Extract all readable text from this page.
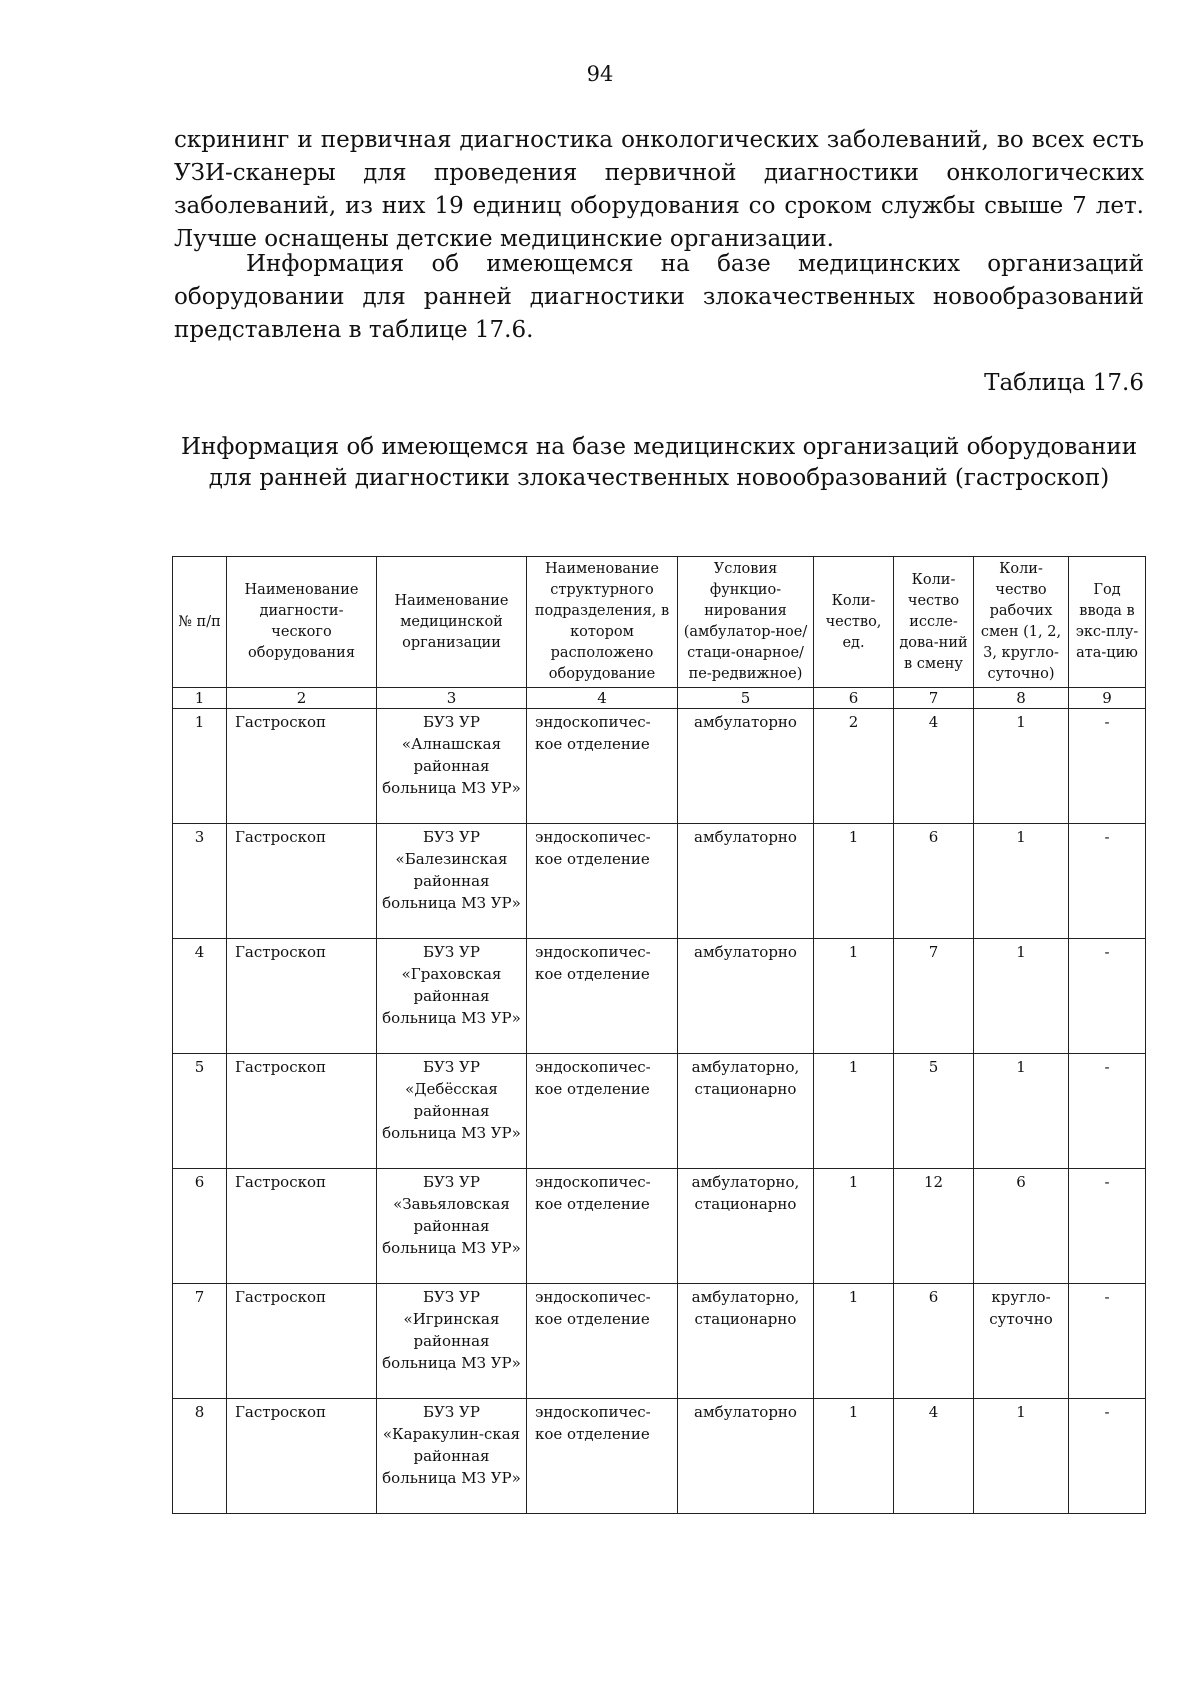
94

скрининг и первичная диагностика онкологических заболеваний, во всех есть УЗИ-сканеры для проведения первичной диагностики онкологических заболеваний, из них 19 единиц оборудования со сроком службы свыше 7 лет. Лучше оснащены детские медицинские организации.

Информация об имеющемся на базе медицинских организаций оборудовании для ранней диагностики злокачественных новообразований представлена в таблице 17.6.

Таблица 17.6
Информация об имеющемся на базе медицинских организаций оборудовании для ранней диагностики злокачественных новообразований (гастроскоп)
№ п/п	Наименование диагности-ческого оборудования	Наименование медицинской организации	Наименование структурного подразделения, в котором расположено оборудование	Условия функцио-нирования (амбулатор-ное/стаци-онарное/пе-редвижное)	Коли-чество, ед.	Коли-чество иссле-дова-ний в смену	Коли-чество рабочих смен (1, 2, 3, кругло-суточно)	Год ввода в экс-плу-ата-цию
1	2	3	4	5	6	7	8	9
1	Гастроскоп	БУЗ УР «Алнашская районная больница МЗ УР»	эндоскопичес-кое отделение	амбулаторно	2	4	1	-
3	Гастроскоп	БУЗ УР «Балезинская районная больница МЗ УР»	эндоскопичес-кое отделение	амбулаторно	1	6	1	-
4	Гастроскоп	БУЗ УР «Граховская районная больница МЗ УР»	эндоскопичес-кое отделение	амбулаторно	1	7	1	-
5	Гастроскоп	БУЗ УР «Дебёсская районная больница МЗ УР»	эндоскопичес-кое отделение	амбулаторно, стационарно	1	5	1	-
6	Гастроскоп	БУЗ УР «Завьяловская районная больница МЗ УР»	эндоскопичес-кое отделение	амбулаторно, стационарно	1	12	6	-
7	Гастроскоп	БУЗ УР «Игринская районная больница МЗ УР»	эндоскопичес-кое отделение	амбулаторно, стационарно	1	6	кругло-суточно	-
8	Гастроскоп	БУЗ УР «Каракулин-ская районная больница МЗ УР»	эндоскопичес-кое отделение	амбулаторно	1	4	1	-
